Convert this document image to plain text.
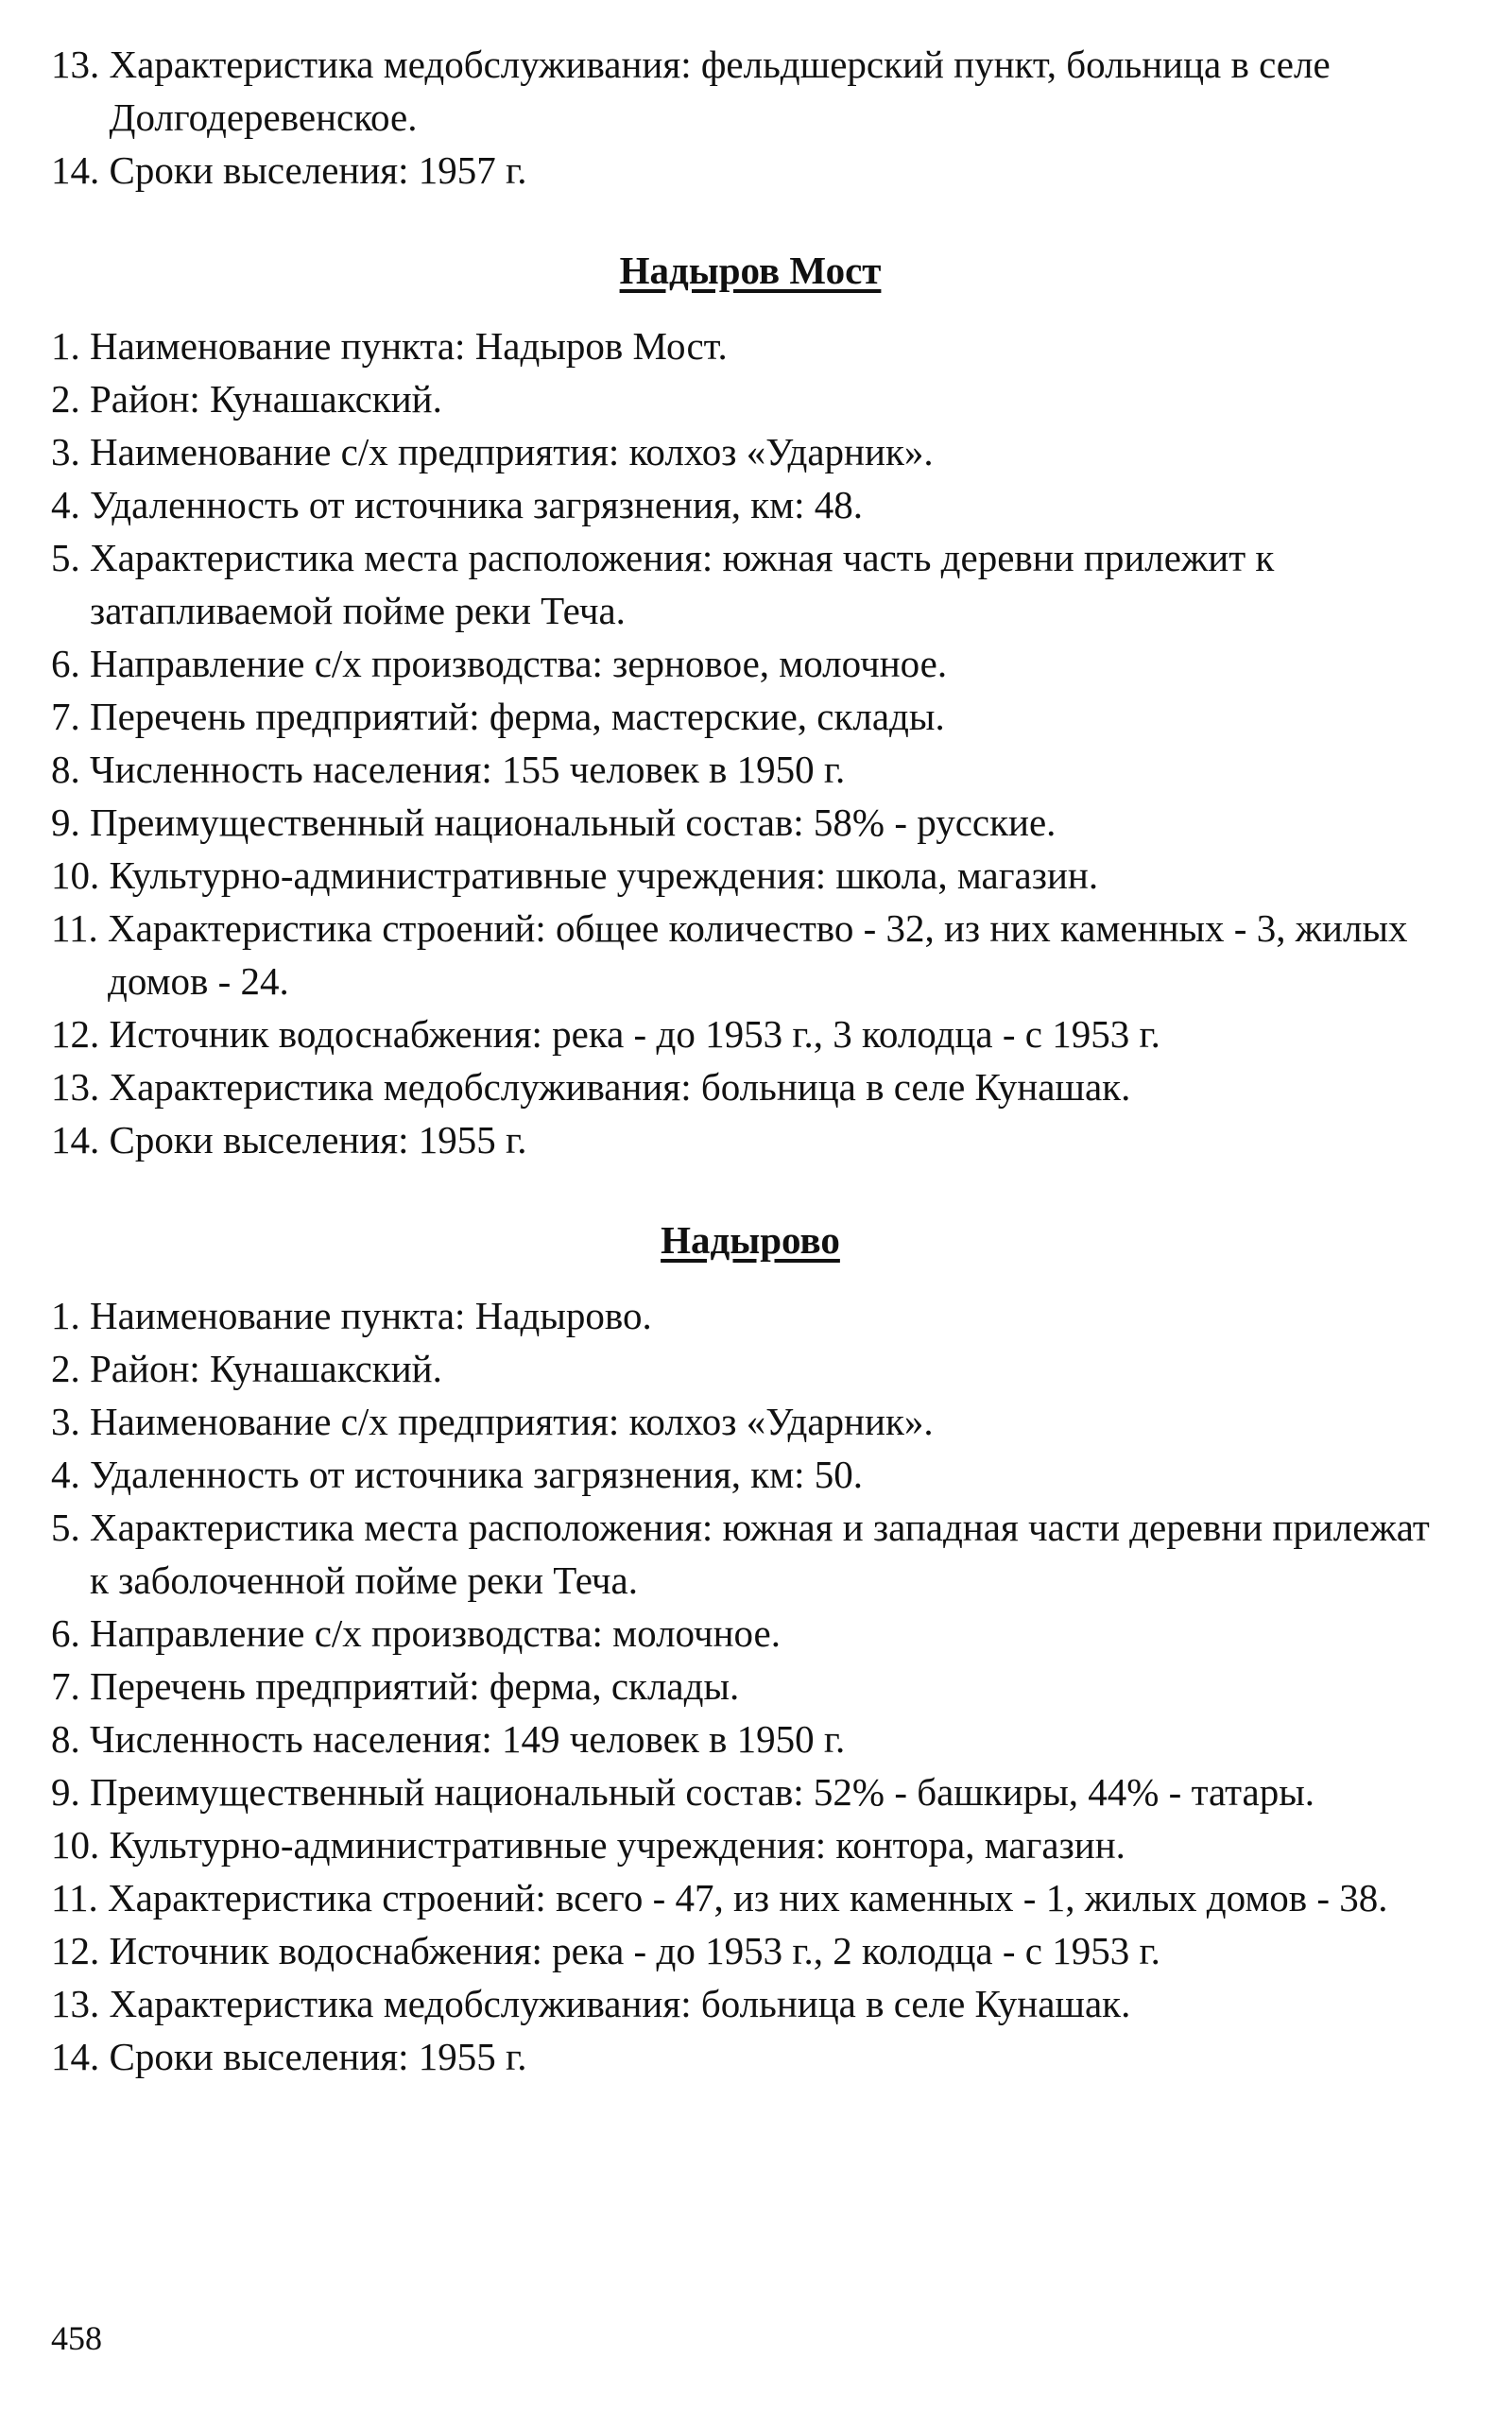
13. Характеристика медобслуживания: фельдшерский пункт, больница в селе Долгодеревенское.
14. Сроки выселения: 1957 г.
Надыров Мост
1. Наименование пункта: Надыров Мост.
2. Район: Кунашакский.
3. Наименование с/х предприятия: колхоз «Ударник».
4. Удаленность от источника загрязнения, км: 48.
5. Характеристика места расположения: южная часть деревни прилежит к затапливаемой пойме реки Теча.
6. Направление с/х производства: зерновое, молочное.
7. Перечень предприятий: ферма, мастерские, склады.
8. Численность населения: 155 человек в 1950 г.
9. Преимущественный национальный состав: 58% - русские.
10. Культурно-административные учреждения: школа, магазин.
11. Характеристика строений: общее количество - 32, из них каменных - 3, жилых домов - 24.
12. Источник водоснабжения: река - до 1953 г., 3 колодца - с 1953 г.
13. Характеристика медобслуживания: больница в селе Кунашак.
14. Сроки выселения: 1955 г.
Надырово
1. Наименование пункта: Надырово.
2. Район: Кунашакский.
3. Наименование с/х предприятия: колхоз «Ударник».
4. Удаленность от источника загрязнения, км: 50.
5. Характеристика места расположения: южная и западная части деревни прилежат к заболоченной пойме реки Теча.
6. Направление с/х производства: молочное.
7. Перечень предприятий: ферма, склады.
8. Численность населения: 149 человек в 1950 г.
9. Преимущественный национальный состав: 52% - башкиры, 44% - татары.
10. Культурно-административные учреждения: контора, магазин.
11. Характеристика строений: всего - 47, из них каменных - 1, жилых домов - 38.
12. Источник водоснабжения: река - до 1953 г., 2 колодца - с 1953 г.
13. Характеристика медобслуживания: больница в селе Кунашак.
14. Сроки выселения: 1955 г.
458
